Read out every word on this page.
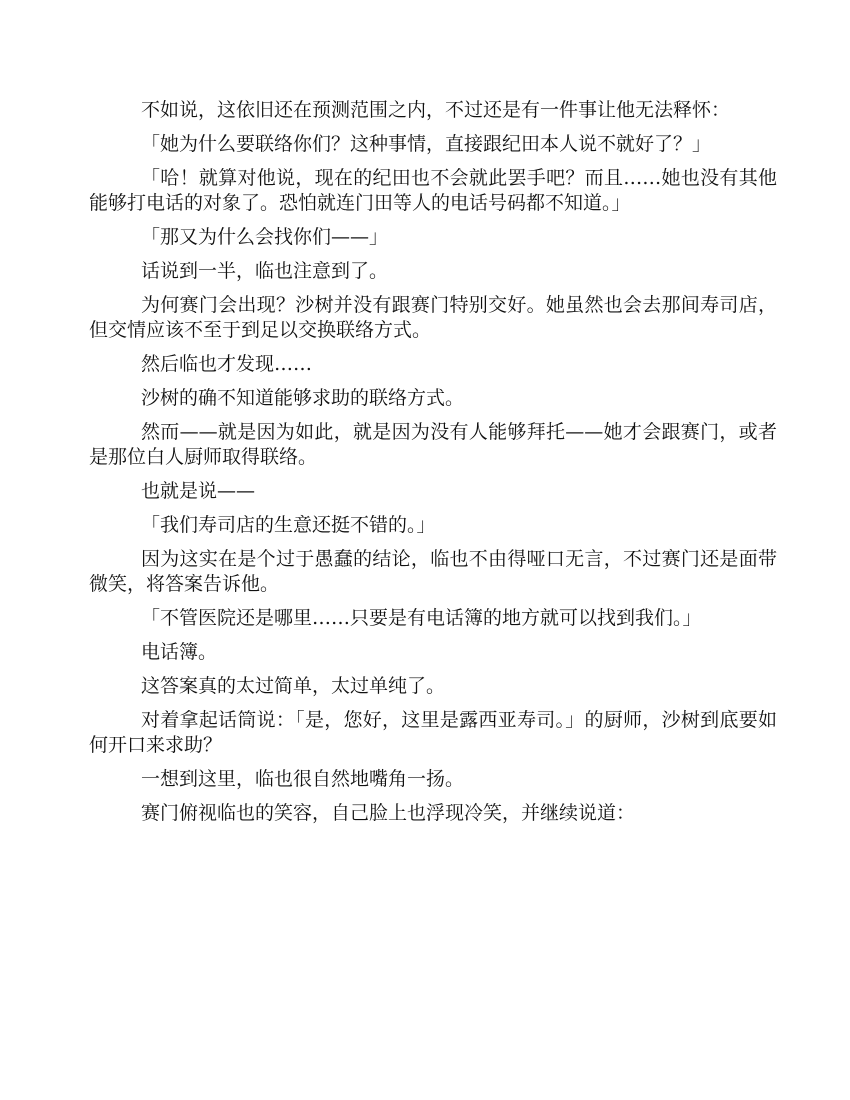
不如说，这依旧还在预测范围之内，不过还是有一件事让他无法释怀：

「她为什么要联络你们？这种事情，直接跟纪田本人说不就好了？」

「哈！就算对他说，现在的纪田也不会就此罢手吧？而且……她也没有其他能够打电话的对象了。恐怕就连门田等人的电话号码都不知道。」

「那又为什么会找你们——」

话说到一半，临也注意到了。

为何赛门会出现？沙树并没有跟赛门特别交好。她虽然也会去那间寿司店，但交情应该不至于到足以交换联络方式。

然后临也才发现……

沙树的确不知道能够求助的联络方式。

然而——就是因为如此，就是因为没有人能够拜托——她才会跟赛门，或者是那位白人厨师取得联络。

也就是说——

「我们寿司店的生意还挺不错的。」

因为这实在是个过于愚蠢的结论，临也不由得哑口无言，不过赛门还是面带微笑，将答案告诉他。

「不管医院还是哪里……只要是有电话簿的地方就可以找到我们。」

电话簿。

这答案真的太过简单，太过单纯了。

对着拿起话筒说：「是，您好，这里是露西亚寿司。」的厨师，沙树到底要如何开口来求助？

一想到这里，临也很自然地嘴角一扬。

赛门俯视临也的笑容，自己脸上也浮现冷笑，并继续说道：
